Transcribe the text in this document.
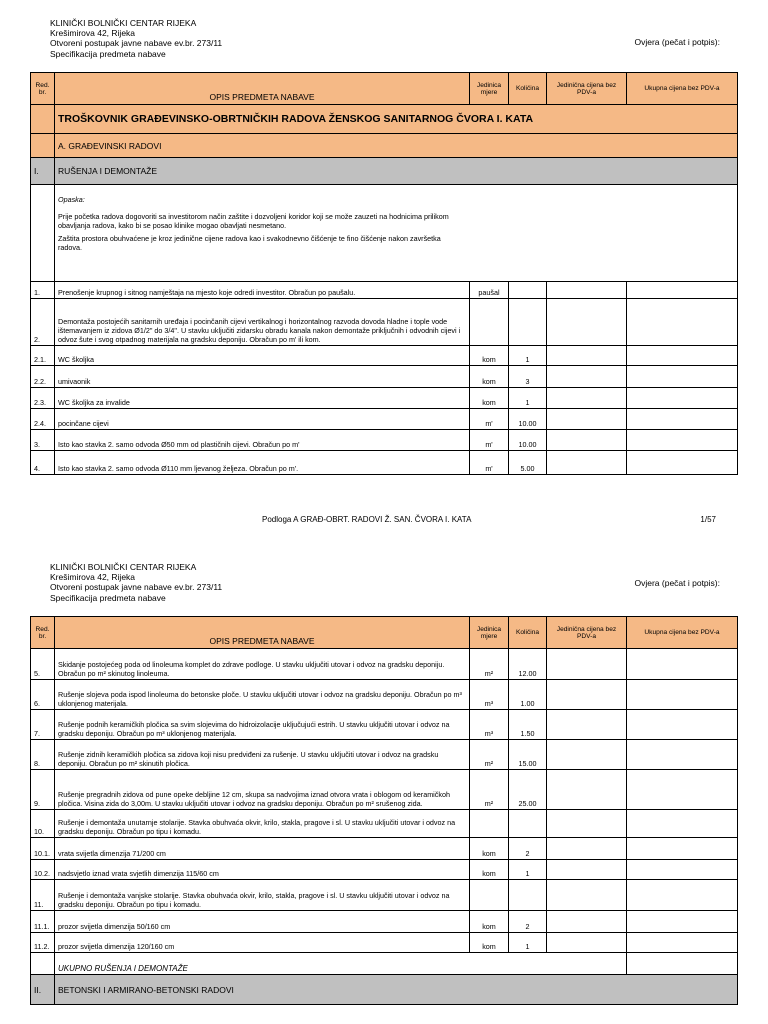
KLINIČKI BOLNIČKI CENTAR RIJEKA
Krešimirova 42, Rijeka
Otvoreni postupak javne nabave ev.br. 273/11
Specifikacija predmeta nabave
Ovjera (pečat i potpis):
Red. br.	OPIS PREDMETA NABAVE	Jedinica mjere	Količina	Jedinična cijena bez PDV-a	Ukupna cijena bez PDV-a
	TROŠKOVNIK GRAĐEVINSKO-OBRTNIČKIH RADOVA ŽENSKOG SANITARNOG ČVORA I. KATA				
	A. GRAĐEVINSKI RADOVI				
I.	RUŠENJA I DEMONTAŽE				

	Opaska:
Prije početka radova dogovoriti sa investitorom način zaštite i dozvoljeni koridor koji se može zauzeti na hodnicima prilikom obavljanja radova, kako bi se posao klinike mogao obavljati nesmetano.
Zaštita prostora obuhvaćene je kroz jedinične cijene radova kao i svakodnevno čišćenje te fino čišćenje nakon završetka radova.				

1.	Prenošenje krupnog i sitnog namještaja na mjesto koje odredi investitor. Obračun po paušalu.	paušal			
2.	Demontaža postojećih sanitarnih uređaja i pocinčanih cijevi vertikalnog i horizontalnog razvoda dovoda hladne i tople vode ištemavanjem iz zidova Ø1/2" do 3/4". U stavku uključiti zidarsku obradu kanala nakon demontaže priključnih i odvodnih cijevi i odvoz šute i svog otpadnog materijala na gradsku deponiju. Obračun po m' ili kom.				
2.1.	WC školjka	kom	1		
2.2.	umivaonik	kom	3		
2.3.	WC školjka za invalide	kom	1		
2.4.	pocinčane cijevi	m'	10.00		
3.	Isto kao stavka 2. samo odvoda Ø50 mm od plastičnih cijevi. Obračun po m'	m'	10.00		
4.	Isto kao stavka 2. samo odvoda Ø110 mm ljevanog željeza. Obračun po m'.	m'	5.00		
Podloga A GRAĐ-OBRT. RADOVI Ž. SAN. ČVORA I. KATA	1/57
KLINIČKI BOLNIČKI CENTAR RIJEKA
Krešimirova 42, Rijeka
Otvoreni postupak javne nabave ev.br. 273/11
Specifikacija predmeta nabave
Ovjera (pečat i potpis):
Red. br.	OPIS PREDMETA NABAVE	Jedinica mjere	Količina	Jedinična cijena bez PDV-a	Ukupna cijena bez PDV-a
5.	Skidanje postojećeg poda od linoleuma komplet do zdrave podloge. U stavku uključiti utovar i odvoz na gradsku deponiju. Obračun po m² skinutog linoleuma.	m²	12.00		
6.	Rušenje slojeva poda ispod linoleuma do betonske ploče. U stavku uključiti utovar i odvoz na gradsku deponiju. Obračun po m³ uklonjenog materijala.	m³	1.00		
7.	Rušenje podnih keramičkih pločica sa svim slojevima do hidroizolacije uključujući estrih. U stavku uključiti utovar i odvoz na gradsku deponiju. Obračun po m³ uklonjenog materijala.	m³	1.50		
8.	Rušenje zidnih keramičkih pločica sa zidova koji nisu predviđeni za rušenje. U stavku uključiti utovar i odvoz na gradsku deponiju. Obračun po m² skinutih pločica.	m²	15.00		
9.	Rušenje pregradnih zidova od pune opeke debljine 12 cm, skupa sa nadvojima iznad otvora vrata i oblogom od keramičkoh pločica. Visina zida do 3,00m. U stavku uključiti utovar i odvoz na gradsku deponiju. Obračun po m² srušenog zida.	m²	25.00		
10.	Rušenje i demontaža unutarnje stolarije. Stavka obuhvaća okvir, krilo, stakla, pragove i sl. U stavku uključiti utovar i odvoz na gradsku deponiju. Obračun po tipu i komadu.				
10.1.	vrata svijetla dimenzija 71/200 cm	kom	2		
10.2.	nadsvjetlo iznad vrata svjetlih dimenzija 115/60 cm	kom	1		
11.	Rušenje i demontaža vanjske stolarije. Stavka obuhvaća okvir, krilo, stakla, pragove i sl. U stavku uključiti utovar i odvoz na gradsku deponiju. Obračun po tipu i komadu.				
11.1.	prozor svijetla dimenzija 50/160 cm	kom	2		
11.2.	prozor svijetla dimenzija 120/160 cm	kom	1		
	UKUPNO RUŠENJA I DEMONTAŽE				
II.	BETONSKI I ARMIRANO-BETONSKI RADOVI				
